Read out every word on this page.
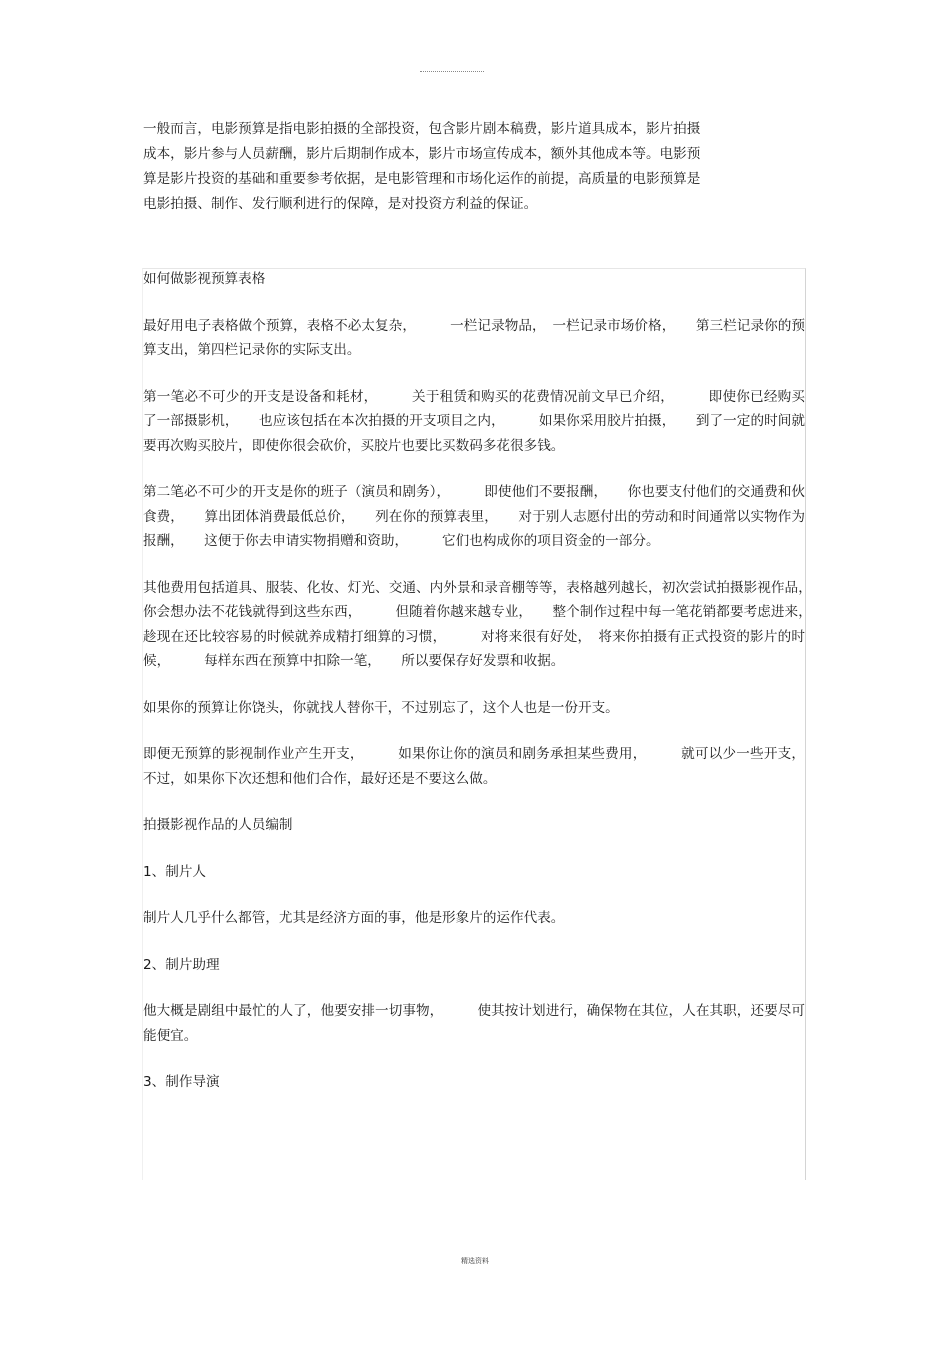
一般而言，电影预算是指电影拍摄的全部投资，包含影片剧本稿费，影片道具成本，影片拍摄成本，影片参与人员薪酬，影片后期制作成本，影片市场宣传成本，额外其他成本等。电影预算是影片投资的基础和重要参考依据，是电影管理和市场化运作的前提，高质量的电影预算是电影拍摄、制作、发行顺利进行的保障，是对投资方利益的保证。

如何做影视预算表格

最好用电子表格做个预算，表格不必太复杂，　　　一栏记录物品，　一栏记录市场价格，　　第三栏记录你的预算支出，第四栏记录你的实际支出。

第一笔必不可少的开支是设备和耗材，　　　关于租赁和购买的花费情况前文早已介绍，　　　即使你已经购买了一部摄影机，　　也应该包括在本次拍摄的开支项目之内，　　　如果你采用胶片拍摄，　　到了一定的时间就要再次购买胶片，即使你很会砍价，买胶片也要比买数码多花很多钱。

第二笔必不可少的开支是你的班子（演员和剧务），　　　即使他们不要报酬，　　你也要支付他们的交通费和伙食费，　　算出团体消费最低总价，　　列在你的预算表里，　　对于别人志愿付出的劳动和时间通常以实物作为报酬，　　这便于你去申请实物捐赠和资助，　　　它们也构成你的项目资金的一部分。

其他费用包括道具、服装、化妆、灯光、交通、内外景和录音棚等等，表格越列越长，初次尝试拍摄影视作品，　　你会想办法不花钱就得到这些东西，　　　但随着你越来越专业，　　整个制作过程中每一笔花销都要考虑进来，　　　趁现在还比较容易的时候就养成精打细算的习惯，　　　对将来很有好处，　将来你拍摄有正式投资的影片的时候，　　　每样东西在预算中扣除一笔，　　所以要保存好发票和收据。

如果你的预算让你饶头，你就找人替你干，不过别忘了，这个人也是一份开支。

即便无预算的影视制作业产生开支，　　　如果你让你的演员和剧务承担某些费用，　　　就可以少一些开支，不过，如果你下次还想和他们合作，最好还是不要这么做。

拍摄影视作品的人员编制

1、制片人

制片人几乎什么都管，尤其是经济方面的事，他是形象片的运作代表。

2、制片助理

他大概是剧组中最忙的人了，他要安排一切事物，　　　使其按计划进行，确保物在其位，人在其职，还要尽可能便宜。

3、制作导演

精选资料
